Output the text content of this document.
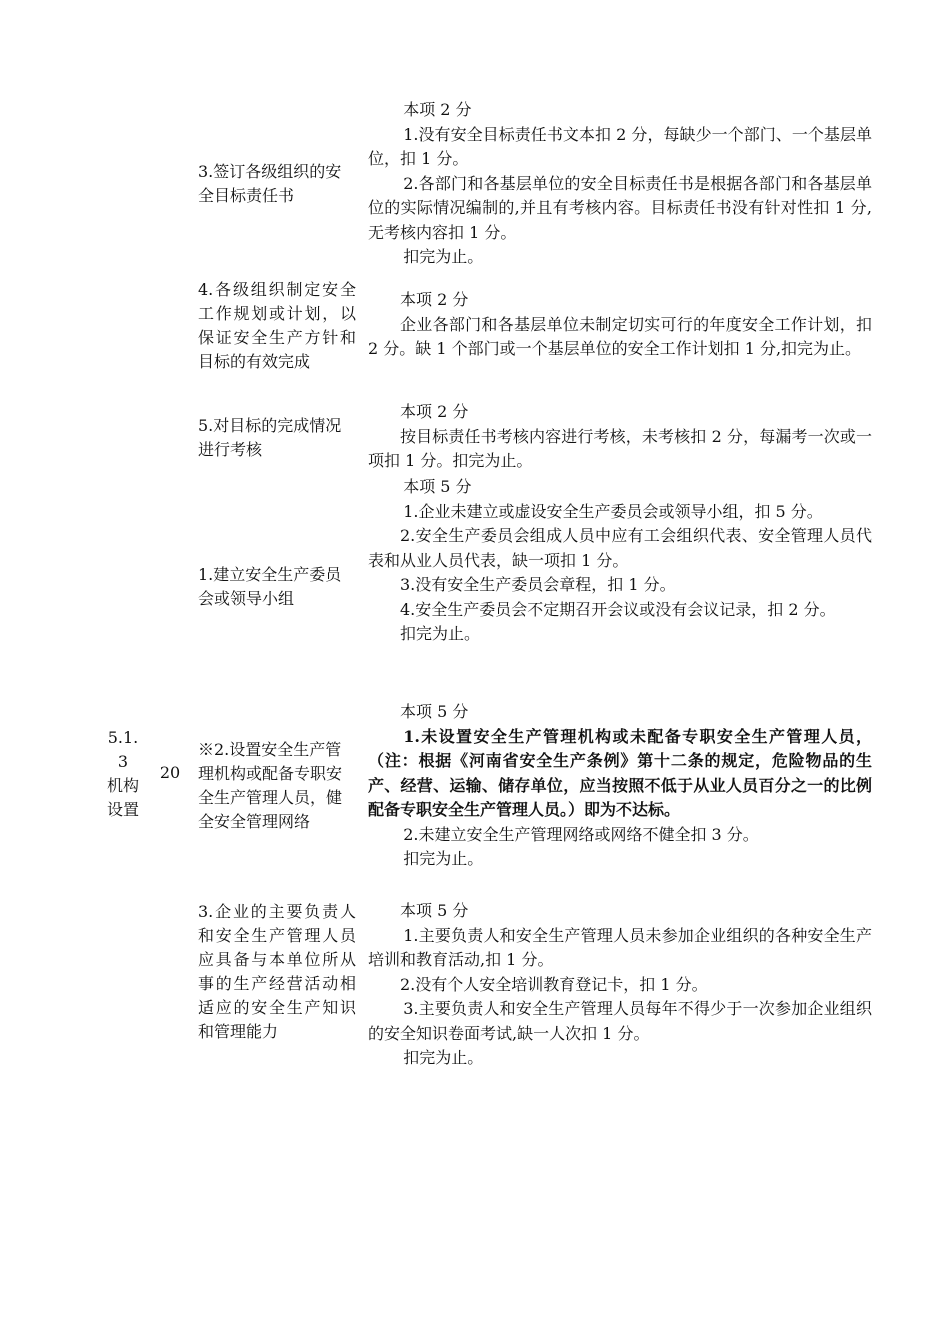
5.1.
3
机构
设置
20
3.签订各级组织的安全目标责任书

本项 2 分

1.没有安全目标责任书文本扣 2 分，每缺少一个部门、一个基层单位，扣 1 分。

2.各部门和各基层单位的安全目标责任书是根据各部门和各基层单位的实际情况编制的,并且有考核内容。目标责任书没有针对性扣 1 分,无考核内容扣 1 分。

扣完为止。

4.各级组织制定安全工作规划或计划，以保证安全生产方针和目标的有效完成

本项 2 分

企业各部门和各基层单位未制定切实可行的年度安全工作计划，扣 2 分。缺 1 个部门或一个基层单位的安全工作计划扣 1 分,扣完为止。

5.对目标的完成情况进行考核

本项 2 分

按目标责任书考核内容进行考核，未考核扣 2 分，每漏考一次或一项扣 1 分。扣完为止。

1.建立安全生产委员会或领导小组

本项 5 分

1.企业未建立或虚设安全生产委员会或领导小组，扣 5 分。

2.安全生产委员会组成人员中应有工会组织代表、安全管理人员代表和从业人员代表，缺一项扣 1 分。

3.没有安全生产委员会章程，扣 1 分。

4.安全生产委员会不定期召开会议或没有会议记录，扣 2 分。

扣完为止。

※2.设置安全生产管理机构或配备专职安全生产管理人员，健全安全管理网络

本项 5 分

1.未设置安全生产管理机构或未配备专职安全生产管理人员，（注：根据《河南省安全生产条例》第十二条的规定，危险物品的生产、经营、运输、储存单位，应当按照不低于从业人员百分之一的比例配备专职安全生产管理人员。）即为不达标。

2.未建立安全生产管理网络或网络不健全扣 3 分。

扣完为止。

3.企业的主要负责人和安全生产管理人员应具备与本单位所从事的生产经营活动相适应的安全生产知识和管理能力

本项 5 分

1.主要负责人和安全生产管理人员未参加企业组织的各种安全生产培训和教育活动,扣 1 分。

2.没有个人安全培训教育登记卡，扣 1 分。

3.主要负责人和安全生产管理人员每年不得少于一次参加企业组织的安全知识卷面考试,缺一人次扣 1 分。

扣完为止。
